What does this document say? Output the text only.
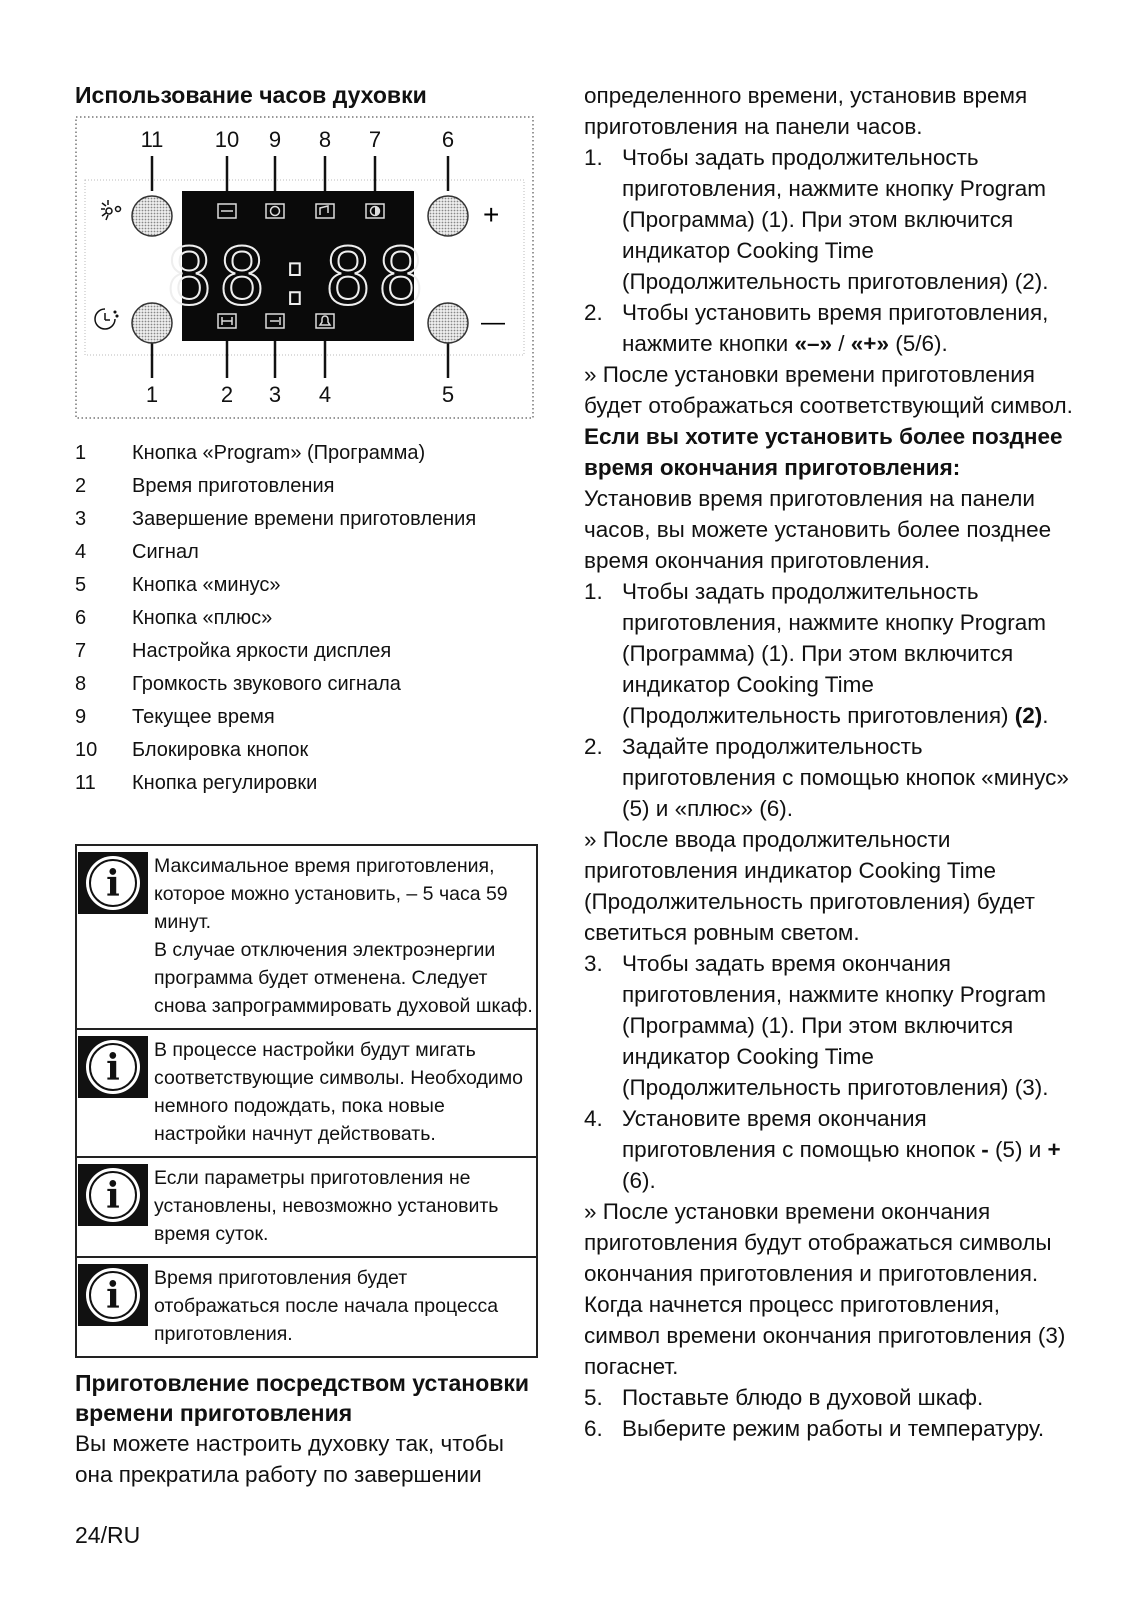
Использование часов духовки
+
—
88:88
11 10 9 8 7	6
1	2 3 4	5
1	Кнопка «Program» (Программа)
2	Время приготовления
3	Завершение времени приготовления
4	Сигнал
5	Кнопка «минус»
6	Кнопка «плюс»
7	Настройка яркости дисплея
8	Громкость звукового сигнала
9	Текущее время
10	Блокировка кнопок
11	Кнопка регулировки
i Максимальное время приготовления, которое можно установить, – 5 часа 59 минут.

В случае отключения электроэнергии программа будет отменена. Следует снова запрограммировать духовой шкаф.

i В процессе настройки будут мигать соответствующие символы. Необходимо немного подождать, пока новые настройки начнут действовать.

i Если параметры приготовления не установлены, невозможно установить время суток.

i Время приготовления будет отображаться после начала процесса приготовления.

Приготовление посредством установки времени приготовления

Вы можете настроить духовку так, чтобы она прекратила работу по завершении

определенного времени, установив время приготовления на панели часов.

1. Чтобы задать продолжительность приготовления, нажмите кнопку Program (Программа) (1). При этом включится индикатор Cooking Time (Продолжительность приготовления) (2).
2. Чтобы установить время приготовления, нажмите кнопки «–» / «+» (5/6).

» После установки времени приготовления будет отображаться соответствующий символ.

Если вы хотите установить более позднее время окончания приготовления:

Установив время приготовления на панели часов, вы можете установить более позднее время окончания приготовления.

1. Чтобы задать продолжительность приготовления, нажмите кнопку Program (Программа) (1). При этом включится индикатор Cooking Time (Продолжительность приготовления) (2).
2. Задайте продолжительность приготовления с помощью кнопок «минус» (5) и «плюс» (6).

» После ввода продолжительности приготовления индикатор Cooking Time (Продолжительность приготовления) будет светиться ровным светом.

3. Чтобы задать время окончания приготовления, нажмите кнопку Program (Программа) (1). При этом включится индикатор Cooking Time (Продолжительность приготовления) (3).
4. Установите время окончания приготовления с помощью кнопок - (5) и + (6).

» После установки времени окончания приготовления будут отображаться символы окончания приготовления и приготовления. Когда начнется процесс приготовления, символ времени окончания приготовления (3) погаснет.

5. Поставьте блюдо в духовой шкаф.
6. Выберите режим работы и температуру.
24/RU
